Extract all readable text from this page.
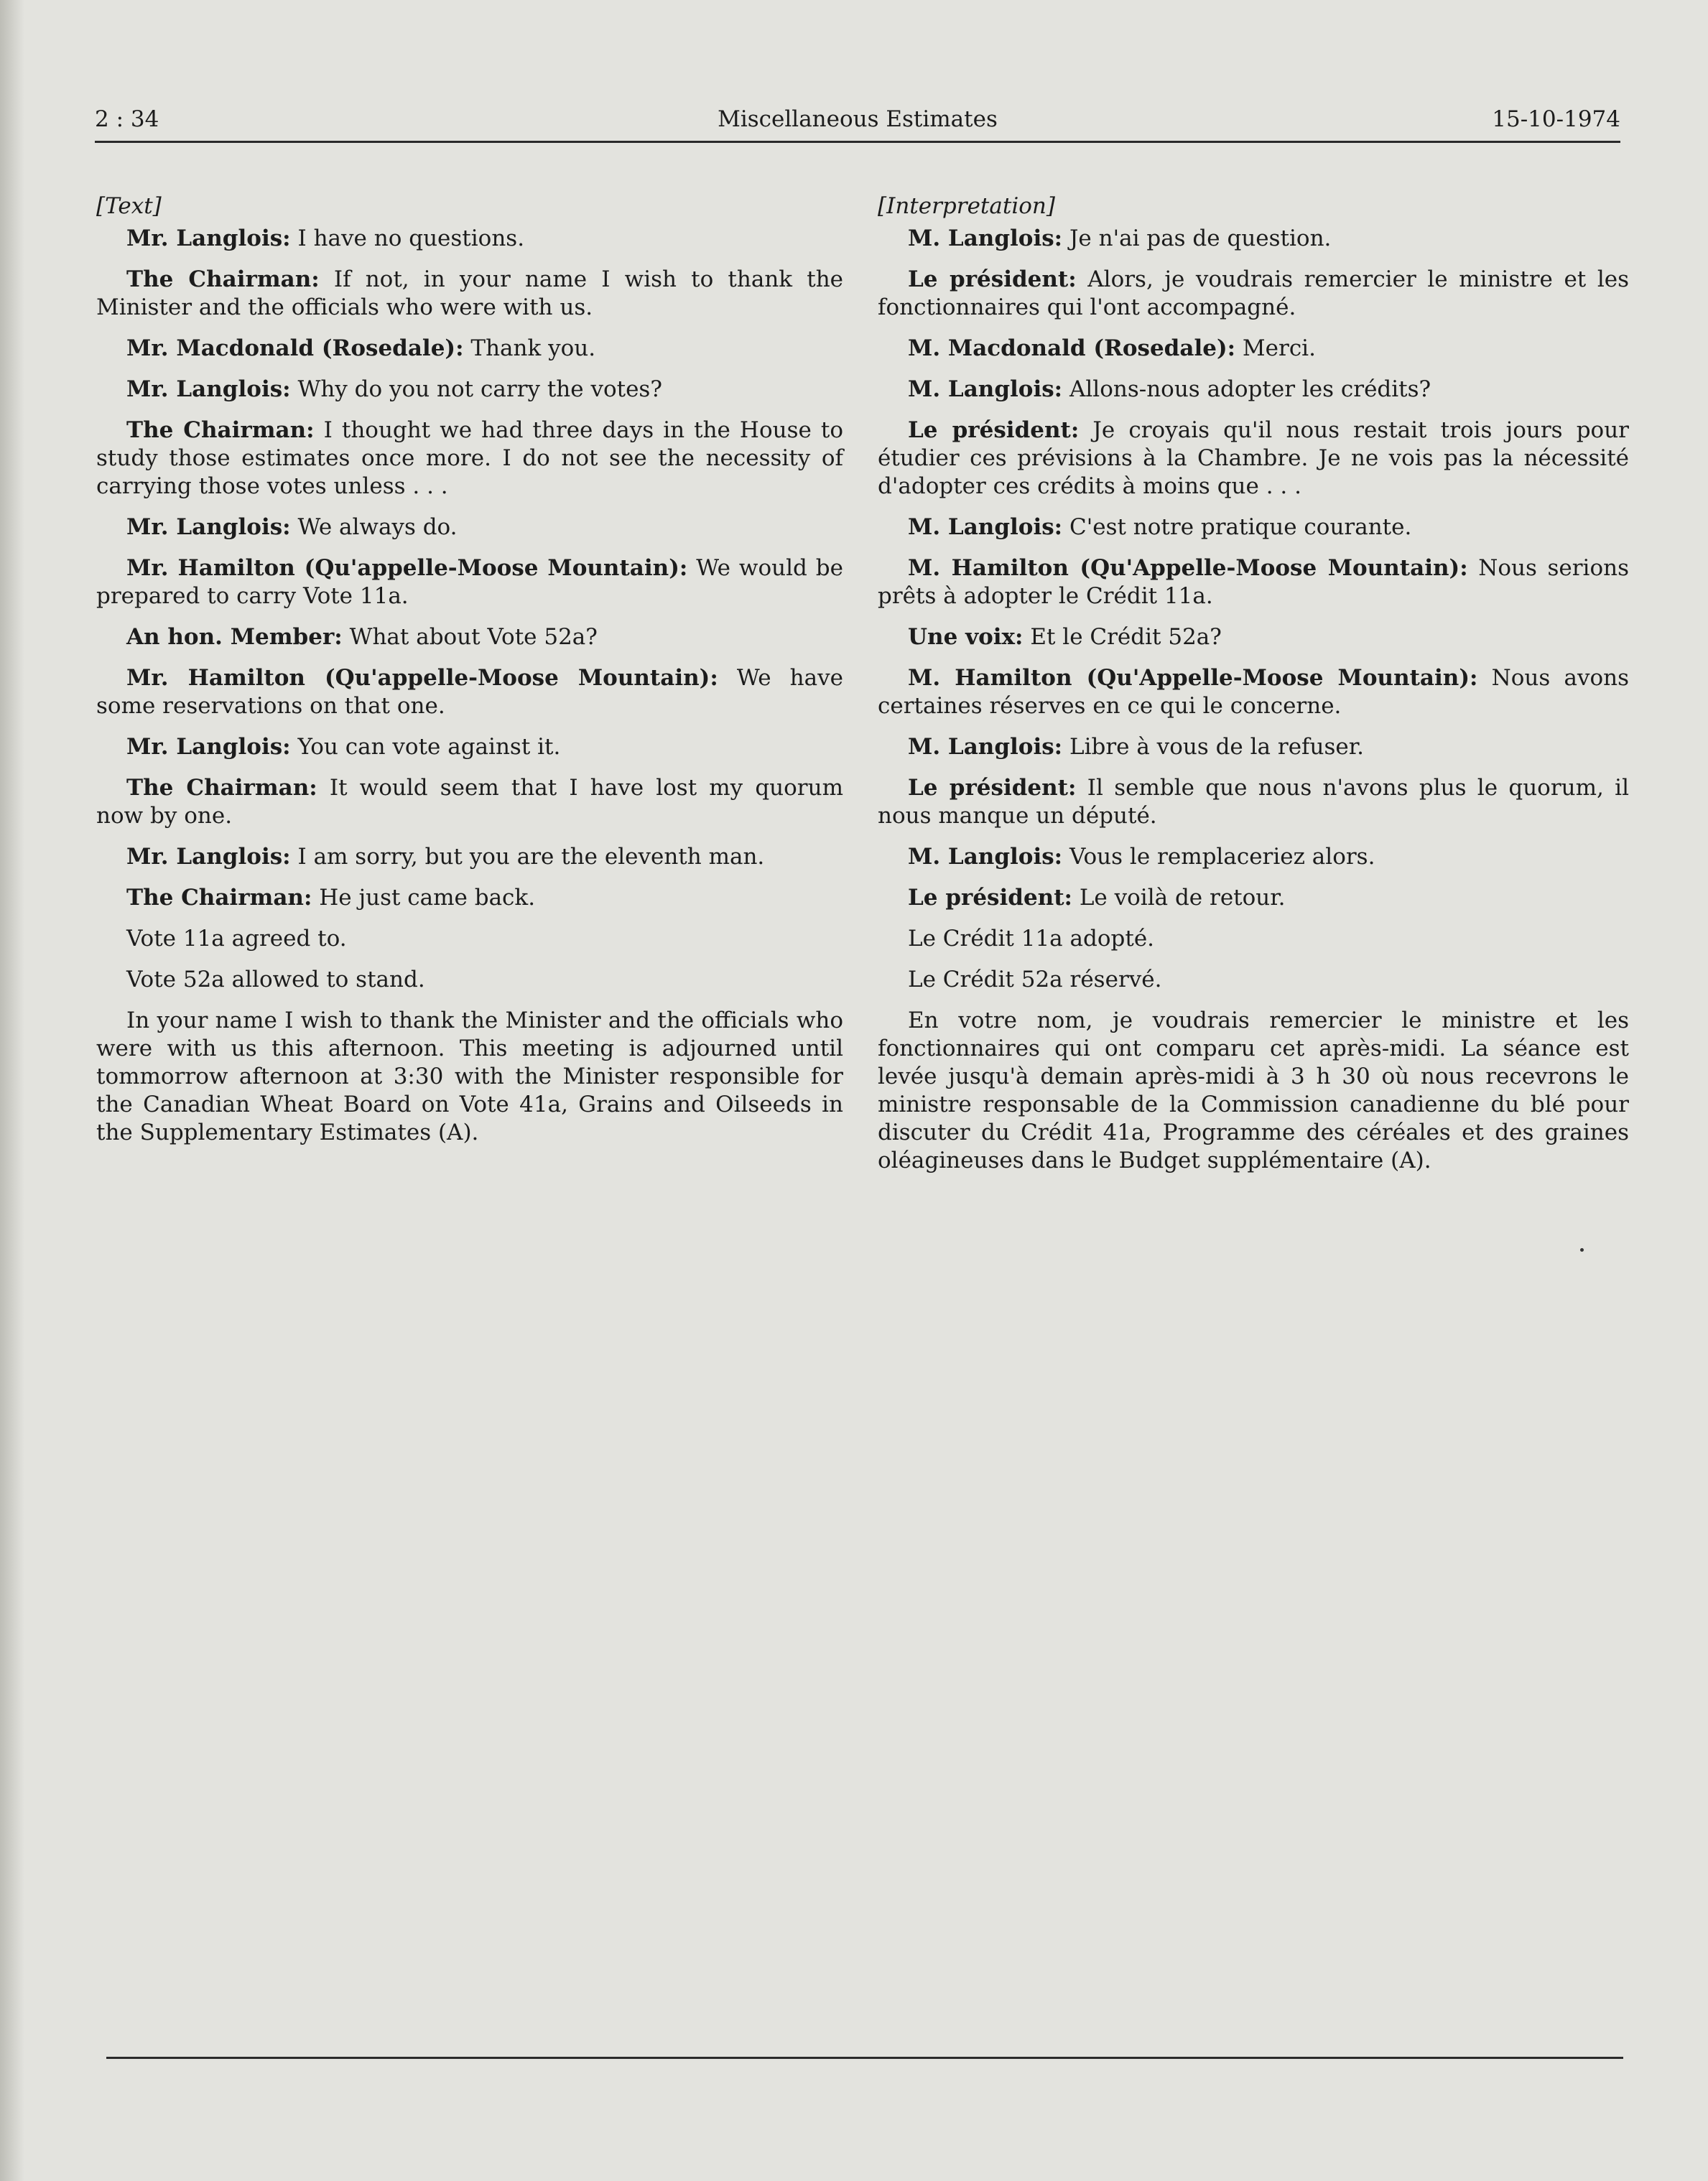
2 : 34	Miscellaneous Estimates	15-10-1974
[Text]
Mr. Langlois: I have no questions.
The Chairman: If not, in your name I wish to thank the Minister and the officials who were with us.
Mr. Macdonald (Rosedale): Thank you.
Mr. Langlois: Why do you not carry the votes?
The Chairman: I thought we had three days in the House to study those estimates once more. I do not see the necessity of carrying those votes unless . . .
Mr. Langlois: We always do.
Mr. Hamilton (Qu'appelle-Moose Mountain): We would be prepared to carry Vote 11a.
An hon. Member: What about Vote 52a?
Mr. Hamilton (Qu'appelle-Moose Mountain): We have some reservations on that one.
Mr. Langlois: You can vote against it.
The Chairman: It would seem that I have lost my quorum now by one.
Mr. Langlois: I am sorry, but you are the eleventh man.
The Chairman: He just came back.
Vote 11a agreed to.
Vote 52a allowed to stand.
In your name I wish to thank the Minister and the officials who were with us this afternoon. This meeting is adjourned until tommorrow afternoon at 3:30 with the Minister responsible for the Canadian Wheat Board on Vote 41a, Grains and Oilseeds in the Supplementary Estimates (A).
[Interpretation]
M. Langlois: Je n'ai pas de question.
Le président: Alors, je voudrais remercier le ministre et les fonctionnaires qui l'ont accompagné.
M. Macdonald (Rosedale): Merci.
M. Langlois: Allons-nous adopter les crédits?
Le président: Je croyais qu'il nous restait trois jours pour étudier ces prévisions à la Chambre. Je ne vois pas la nécessité d'adopter ces crédits à moins que . . .
M. Langlois: C'est notre pratique courante.
M. Hamilton (Qu'Appelle-Moose Mountain): Nous serions prêts à adopter le Crédit 11a.
Une voix: Et le Crédit 52a?
M. Hamilton (Qu'Appelle-Moose Mountain): Nous avons certaines réserves en ce qui le concerne.
M. Langlois: Libre à vous de la refuser.
Le président: Il semble que nous n'avons plus le quorum, il nous manque un député.
M. Langlois: Vous le remplaceriez alors.
Le président: Le voilà de retour.
Le Crédit 11a adopté.
Le Crédit 52a réservé.
En votre nom, je voudrais remercier le ministre et les fonctionnaires qui ont comparu cet après-midi. La séance est levée jusqu'à demain après-midi à 3 h 30 où nous recevrons le ministre responsable de la Commission canadienne du blé pour discuter du Crédit 41a, Programme des céréales et des graines oléagineuses dans le Budget supplémentaire (A).
